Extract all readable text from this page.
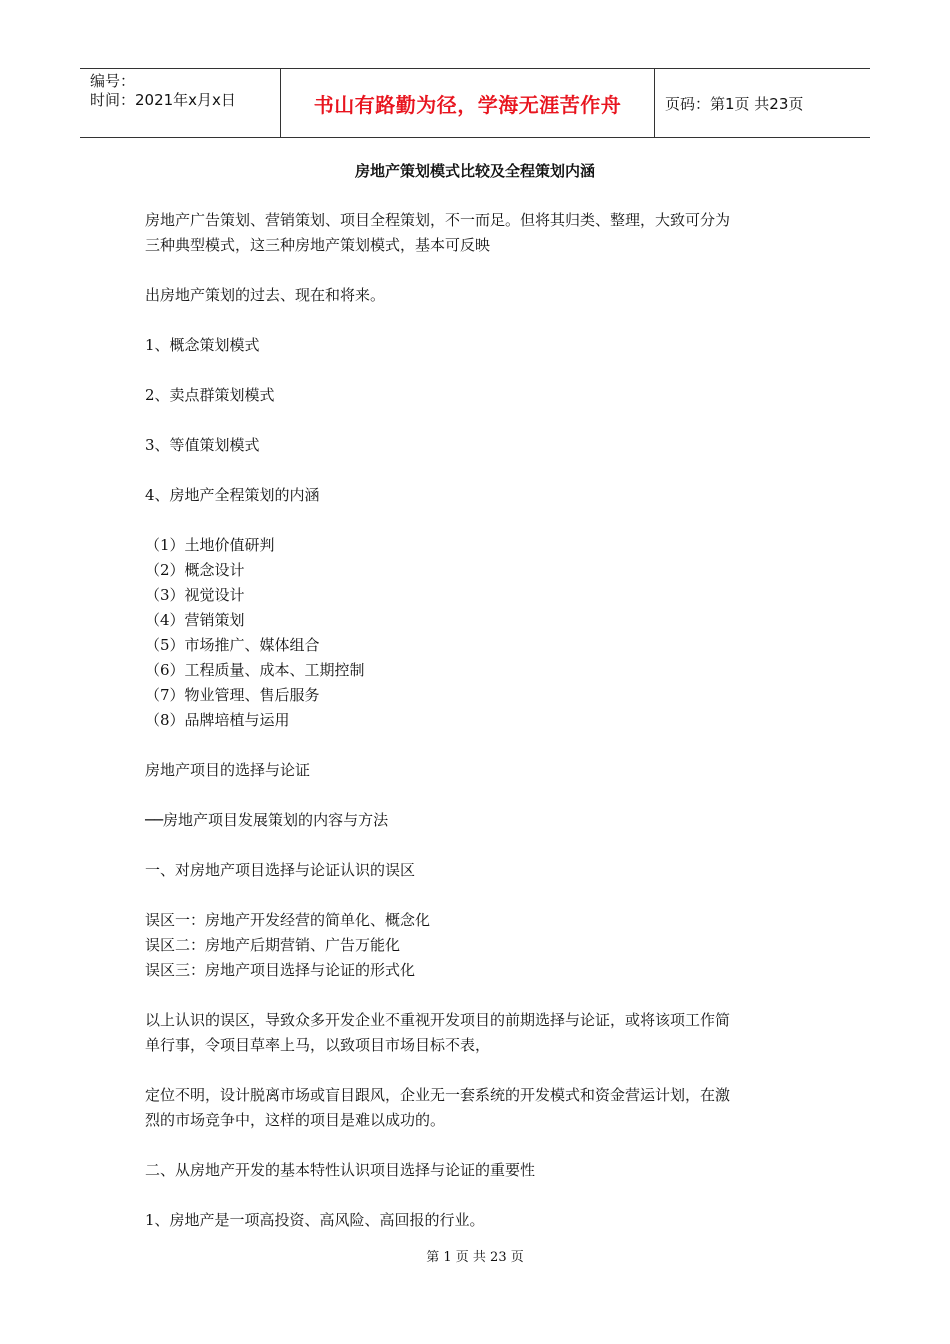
编号：
时间：2021年x月x日	书山有路勤为径，学海无涯苦作舟	页码：第1页 共23页
房地产策划模式比较及全程策划内涵

房地产广告策划、营销策划、项目全程策划，不一而足。但将其归类、整理，大致可分为

三种典型模式，这三种房地产策划模式，基本可反映

出房地产策划的过去、现在和将来。

1、概念策划模式

2、卖点群策划模式

3、等值策划模式

4、房地产全程策划的内涵

（1）土地价值研判

（2）概念设计

（3）视觉设计

（4）营销策划

（5）市场推广、媒体组合

（6）工程质量、成本、工期控制

（7）物业管理、售后服务

（8）品牌培植与运用

房地产项目的选择与论证

──房地产项目发展策划的内容与方法

一、对房地产项目选择与论证认识的误区

误区一：房地产开发经营的简单化、概念化

误区二：房地产后期营销、广告万能化

误区三：房地产项目选择与论证的形式化

以上认识的误区，导致众多开发企业不重视开发项目的前期选择与论证，或将该项工作简

单行事，令项目草率上马，以致项目市场目标不表，

定位不明，设计脱离市场或盲目跟风，企业无一套系统的开发模式和资金营运计划，在激

烈的市场竞争中，这样的项目是难以成功的。

二、从房地产开发的基本特性认识项目选择与论证的重要性

1、房地产是一项高投资、高风险、高回报的行业。

第 1 页 共 23 页
